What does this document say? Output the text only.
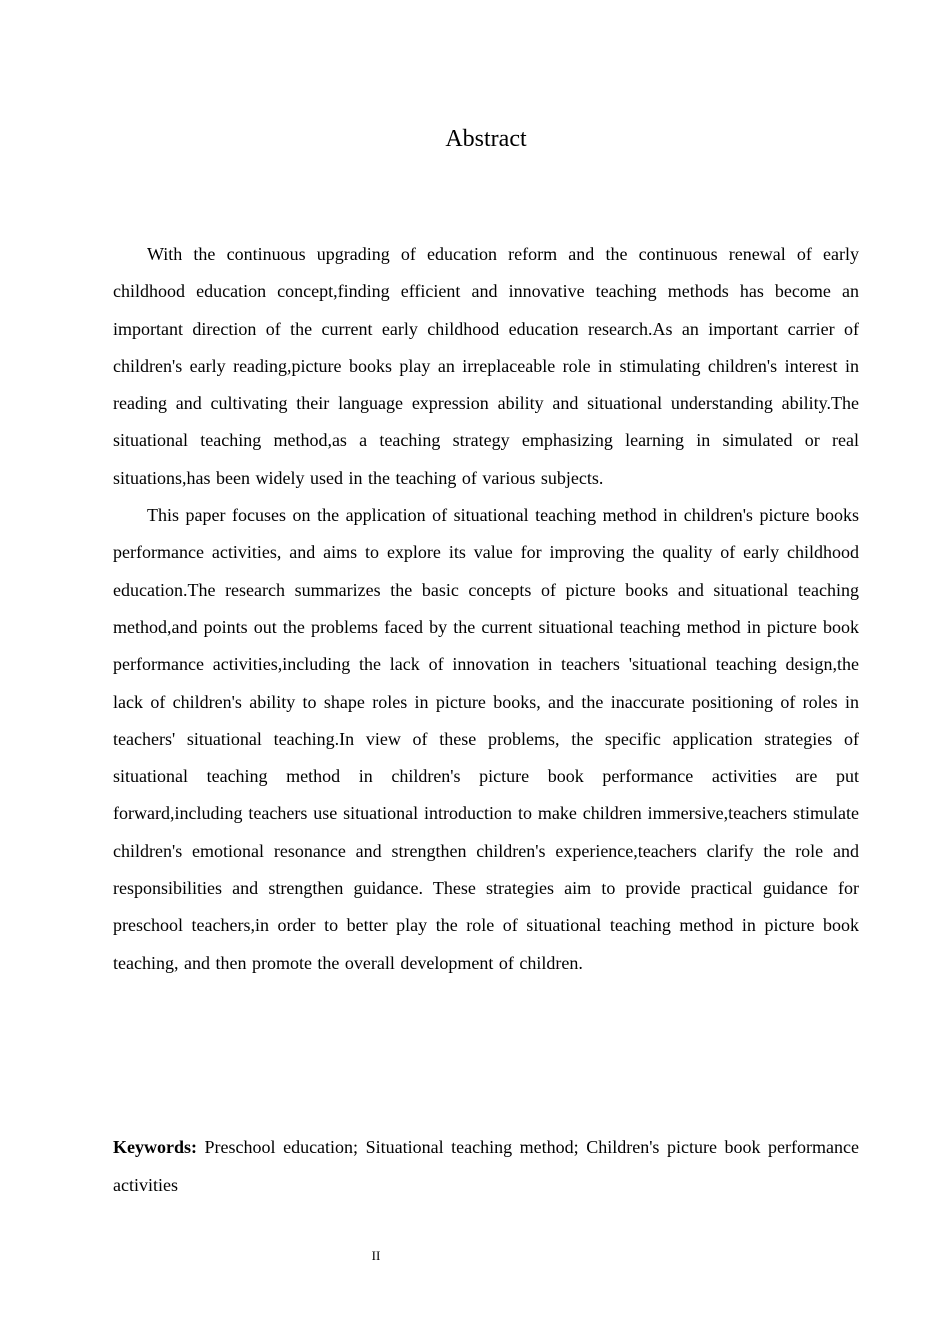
Abstract

With the continuous upgrading of education reform and the continuous renewal of early childhood education concept,finding efficient and innovative teaching methods has become an important direction of the current early childhood education research.As an important carrier of children's early reading,picture books play an irreplaceable role in stimulating children's interest in reading and cultivating their language expression ability and situational understanding ability.The situational teaching method,as a teaching strategy emphasizing learning in simulated or real situations,has been widely used in the teaching of various subjects.

This paper focuses on the application of situational teaching method in children's picture books performance activities, and aims to explore its value for improving the quality of early childhood education.The research summarizes the basic concepts of picture books and situational teaching method,and points out the problems faced by the current situational teaching method in picture book performance activities,including the lack of innovation in teachers 'situational teaching design,the lack of children's ability to shape roles in picture books, and the inaccurate positioning of roles in teachers' situational teaching.In view of these problems, the specific application strategies of situational teaching method in children's picture book performance activities are put forward,including teachers use situational introduction to make children immersive,teachers stimulate children's emotional resonance and strengthen children's experience,teachers clarify the role and responsibilities and strengthen guidance. These strategies aim to provide practical guidance for preschool teachers,in order to better play the role of situational teaching method in picture book teaching, and then promote the overall development of children.

Keywords: Preschool education; Situational teaching method; Children's picture book performance activities

II
